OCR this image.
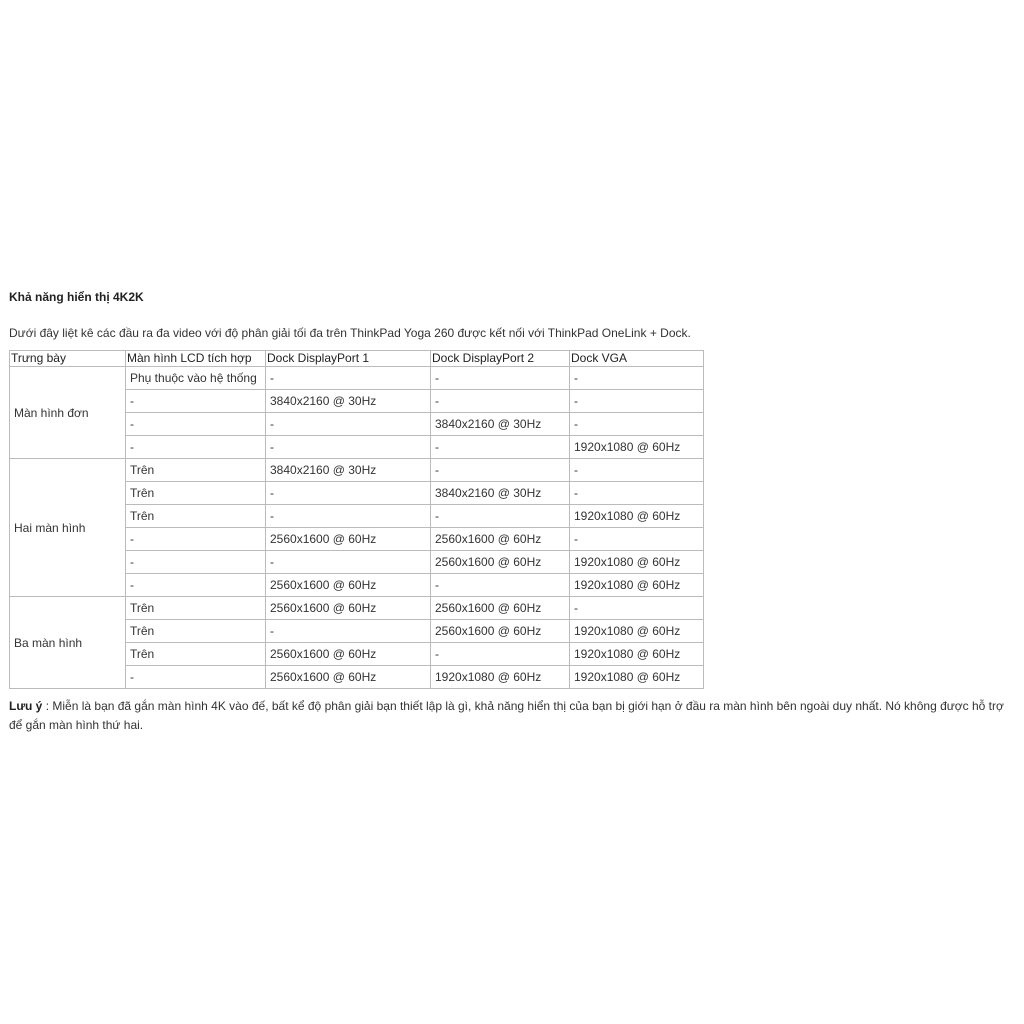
Khả năng hiển thị 4K2K
Dưới đây liệt kê các đầu ra đa video với độ phân giải tối đa trên ThinkPad Yoga 260 được kết nối với ThinkPad OneLink + Dock.
Trưng bày	Màn hình LCD tích hợp	Dock DisplayPort 1	Dock DisplayPort 2	Dock VGA
Màn hình đơn	Phụ thuộc vào hệ thống	-	-	-
	-	3840x2160 @ 30Hz	-	-
	-	-	3840x2160 @ 30Hz	-
	-	-	-	1920x1080 @ 60Hz
Hai màn hình	Trên	3840x2160 @ 30Hz	-	-
	Trên	-	3840x2160 @ 30Hz	-
	Trên	-	-	1920x1080 @ 60Hz
	-	2560x1600 @ 60Hz	2560x1600 @ 60Hz	-
	-	-	2560x1600 @ 60Hz	1920x1080 @ 60Hz
	-	2560x1600 @ 60Hz	-	1920x1080 @ 60Hz
Ba màn hình	Trên	2560x1600 @ 60Hz	2560x1600 @ 60Hz	-
	Trên	-	2560x1600 @ 60Hz	1920x1080 @ 60Hz
	Trên	2560x1600 @ 60Hz	-	1920x1080 @ 60Hz
	-	2560x1600 @ 60Hz	1920x1080 @ 60Hz	1920x1080 @ 60Hz
Lưu ý : Miễn là bạn đã gắn màn hình 4K vào đế, bất kể độ phân giải bạn thiết lập là gì, khả năng hiển thị của bạn bị giới hạn ở đầu ra màn hình bên ngoài duy nhất. Nó không được hỗ trợ để gắn màn hình thứ hai.
